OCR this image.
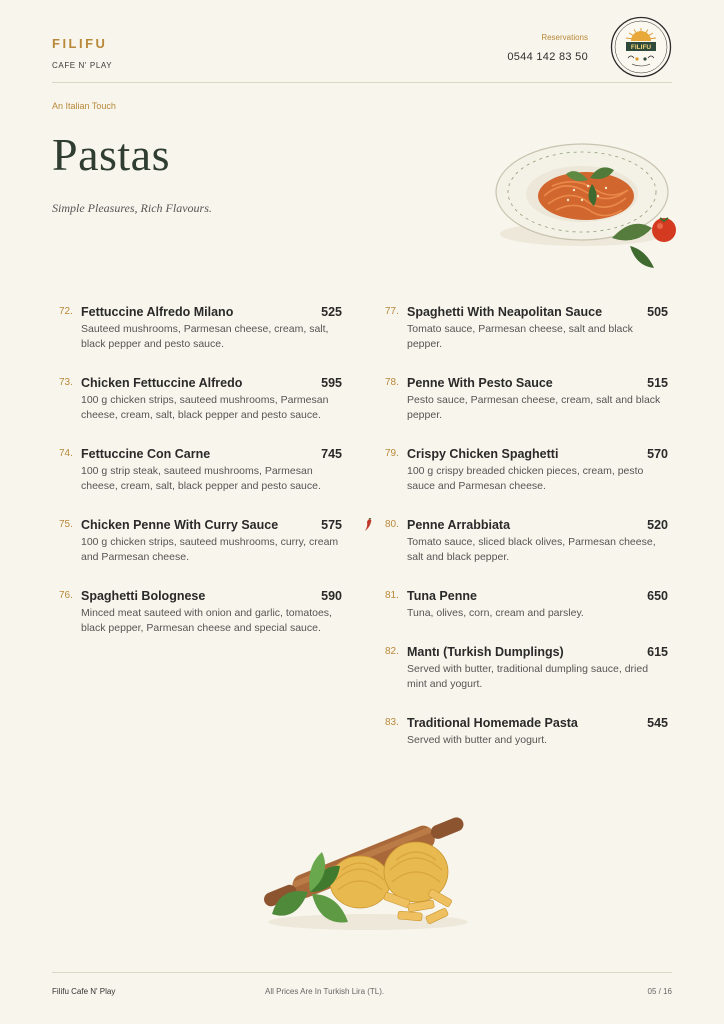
FILIFU
CAFE N' PLAY
Reservations
0544 142 83 50
FILIFU
An Italian Touch
Pastas
Simple Pleasures, Rich Flavours.
72. Fettuccine Alfredo Milano	525
Sauteed mushrooms, Parmesan cheese, cream, salt, black pepper and pesto sauce.
73. Chicken Fettuccine Alfredo	595
100 g chicken strips, sauteed mushrooms, Parmesan cheese, cream, salt, black pepper and pesto sauce.
74. Fettuccine Con Carne	745
100 g strip steak, sauteed mushrooms, Parmesan cheese, cream, salt, black pepper and pesto sauce.
75. Chicken Penne With Curry Sauce	575
100 g chicken strips, sauteed mushrooms, curry, cream and Parmesan cheese.
76. Spaghetti Bolognese	590
Minced meat sauteed with onion and garlic, tomatoes, black pepper, Parmesan cheese and special sauce.
77. Spaghetti With Neapolitan Sauce	505
Tomato sauce, Parmesan cheese, salt and black pepper.
78. Penne With Pesto Sauce	515
Pesto sauce, Parmesan cheese, cream, salt and black pepper.
79. Crispy Chicken Spaghetti	570
100 g crispy breaded chicken pieces, cream, pesto sauce and Parmesan cheese.
80. Penne Arrabbiata	520
Tomato sauce, sliced black olives, Parmesan cheese, salt and black pepper.
81. Tuna Penne	650
Tuna, olives, corn, cream and parsley.
82. Mantı (Turkish Dumplings)	615
Served with butter, traditional dumpling sauce, dried mint and yogurt.
83. Traditional Homemade Pasta	545
Served with butter and yogurt.
Filifu Cafe N' Play	All Prices Are In Turkish Lira (TL).	05 / 16
